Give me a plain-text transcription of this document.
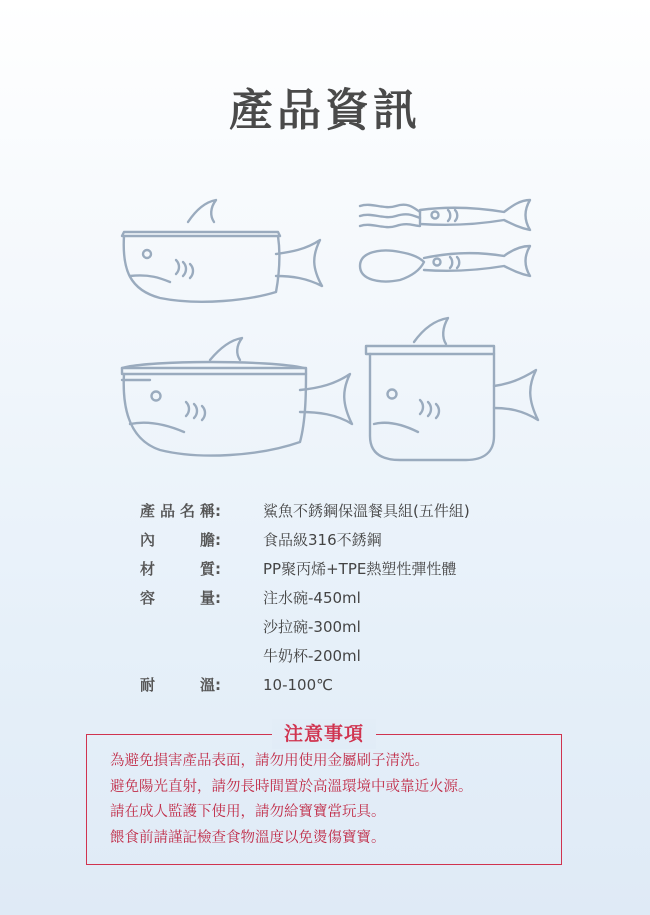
產品資訊
產品名稱 :	鯊魚不銹鋼保溫餐具組(五件組)
內膽 :	食品級316不銹鋼
材質 :	PP聚丙烯+TPE熱塑性彈性體
容量 :	注水碗-450ml
沙拉碗-300ml
牛奶杯-200ml
耐溫 :	10-100℃
注意事項
為避免損害產品表面，請勿用使用金屬刷子清洗。
避免陽光直射，請勿長時間置於高溫環境中或靠近火源。
請在成人監護下使用，請勿給寶寶當玩具。
餵食前請謹記檢查食物溫度以免燙傷寶寶。
